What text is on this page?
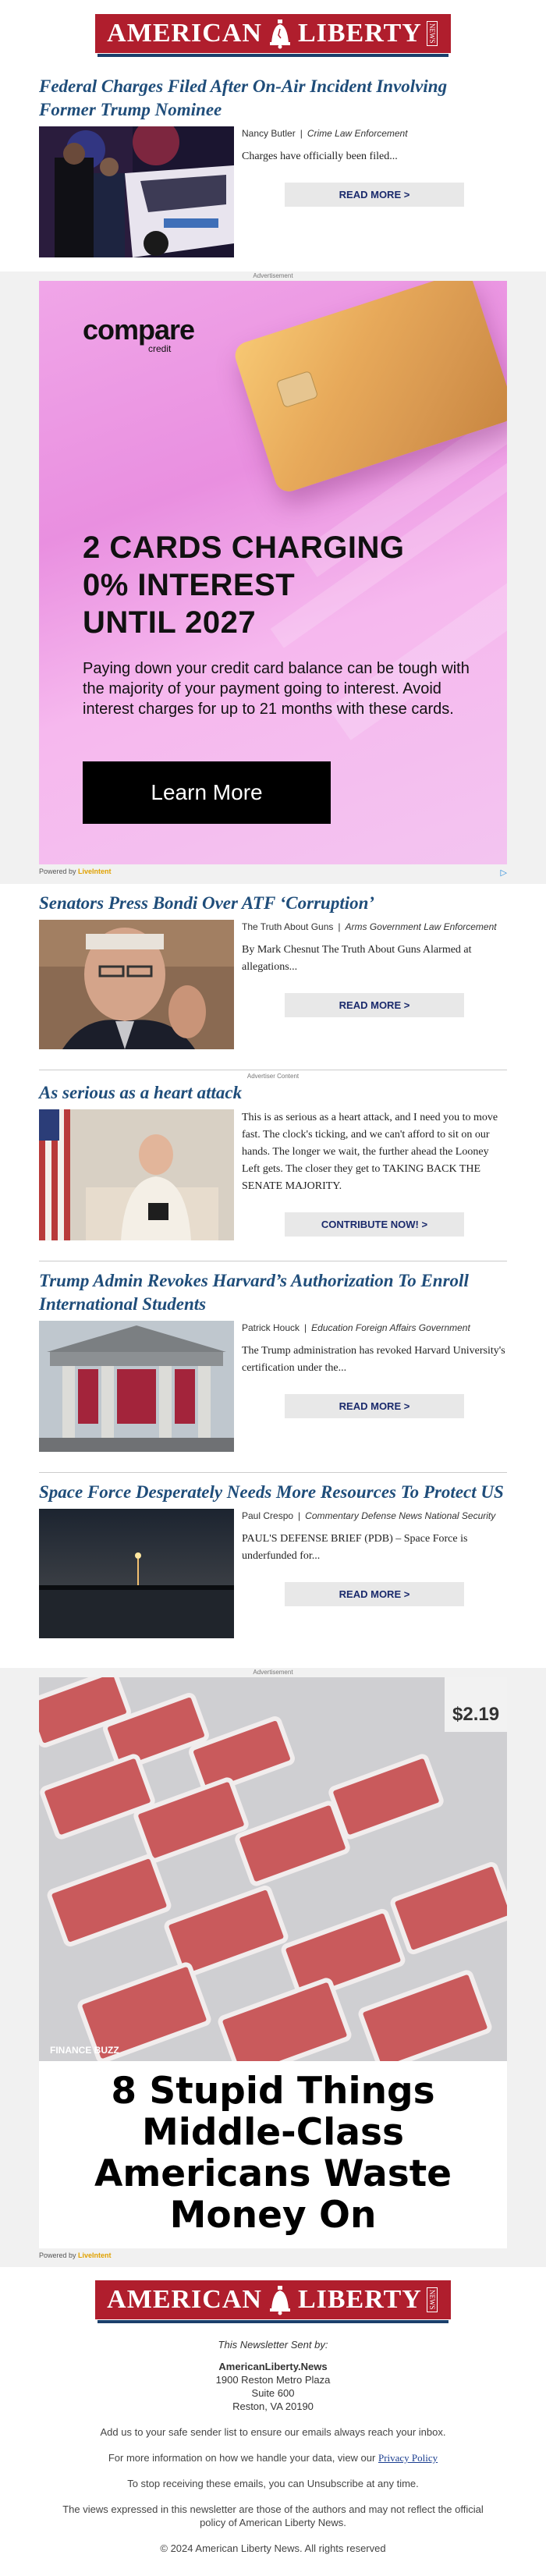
AMERICAN LIBERTY NEWS
Federal Charges Filed After On-Air Incident Involving Former Trump Nominee
Nancy Butler | Crime Law Enforcement
Charges have officially been filed...
READ MORE >
Advertisement
compare
credit
2 CARDS CHARGING
0% INTEREST
UNTIL 2027
Paying down your credit card balance can be tough with the majority of your payment going to interest. Avoid interest charges for up to 21 months with these cards.
Learn More
Powered by LiveIntent	▷
Senators Press Bondi Over ATF ‘Corruption’
The Truth About Guns | Arms Government Law Enforcement
By Mark Chesnut The Truth About Guns Alarmed at allegations...
READ MORE >
Advertiser Content
As serious as a heart attack
This is as serious as a heart attack, and I need you to move fast. The clock's ticking, and we can't afford to sit on our hands. The longer we wait, the further ahead the Looney Left gets. The closer they get to TAKING BACK THE SENATE MAJORITY.
CONTRIBUTE NOW! >
Trump Admin Revokes Harvard’s Authorization To Enroll International Students
Patrick Houck | Education Foreign Affairs Government
The Trump administration has revoked Harvard University's certification under the...
READ MORE >
Space Force Desperately Needs More Resources To Protect US
Paul Crespo | Commentary Defense News National Security
PAUL'S DEFENSE BRIEF (PDB) – Space Force is underfunded for...
READ MORE >
Advertisement
$2.19
FINANCE BUZZ
8 Stupid Things Middle-Class Americans Waste Money On
Powered by LiveIntent
AMERICAN LIBERTY NEWS
This Newsletter Sent by:
AmericanLiberty.News
1900 Reston Metro Plaza
Suite 600
Reston, VA 20190

Add us to your safe sender list to ensure our emails always reach your inbox.

For more information on how we handle your data, view our Privacy Policy

To stop receiving these emails, you can Unsubscribe at any time.

The views expressed in this newsletter are those of the authors and may not reflect the official policy of American Liberty News.

© 2024 American Liberty News. All rights reserved
